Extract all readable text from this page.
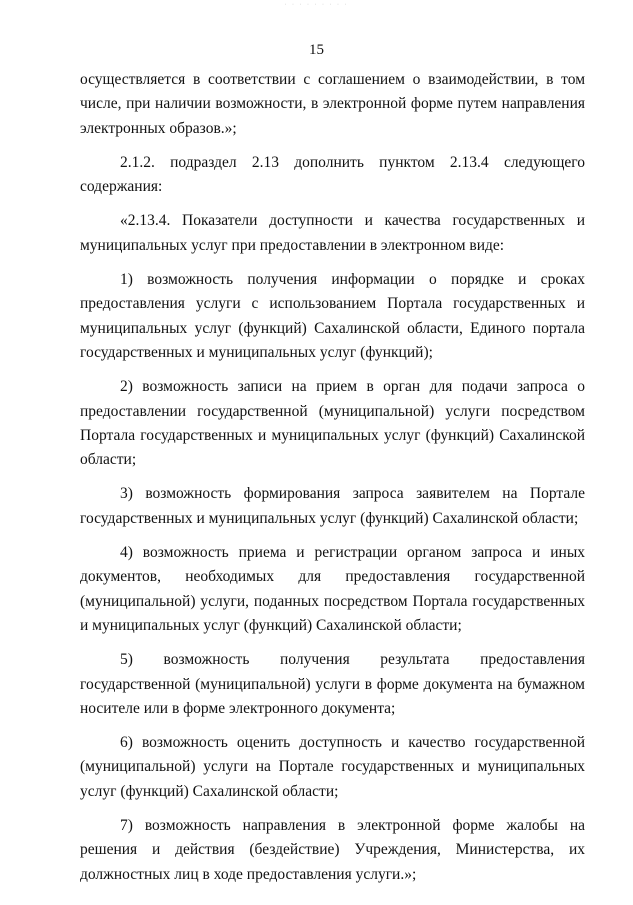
· · · · · · · · ·
15

осуществляется в соответствии с соглашением о взаимодействии, в том числе, при наличии возможности, в электронной форме путем направления электронных образов.»;

2.1.2. подраздел 2.13 дополнить пунктом 2.13.4 следующего содержания:

«2.13.4. Показатели доступности и качества государственных и муниципальных услуг при предоставлении в электронном виде:

1) возможность получения информации о порядке и сроках предоставления услуги с использованием Портала государственных и муниципальных услуг (функций) Сахалинской области, Единого портала государственных и муниципальных услуг (функций);

2) возможность записи на прием в орган для подачи запроса о предоставлении государственной (муниципальной) услуги посредством Портала государственных и муниципальных услуг (функций) Сахалинской области;

3) возможность формирования запроса заявителем на Портале государственных и муниципальных услуг (функций) Сахалинской области;

4) возможность приема и регистрации органом запроса и иных документов, необходимых для предоставления государственной (муниципальной) услуги, поданных посредством Портала государственных и муниципальных услуг (функций) Сахалинской области;

5) возможность получения результата предоставления государственной (муниципальной) услуги в форме документа на бумажном носителе или в форме электронного документа;

6) возможность оценить доступность и качество государственной (муниципальной) услуги на Портале государственных и муниципальных услуг (функций) Сахалинской области;

7) возможность направления в электронной форме жалобы на решения и действия (бездействие) Учреждения, Министерства, их должностных лиц в ходе предоставления услуги.»;
